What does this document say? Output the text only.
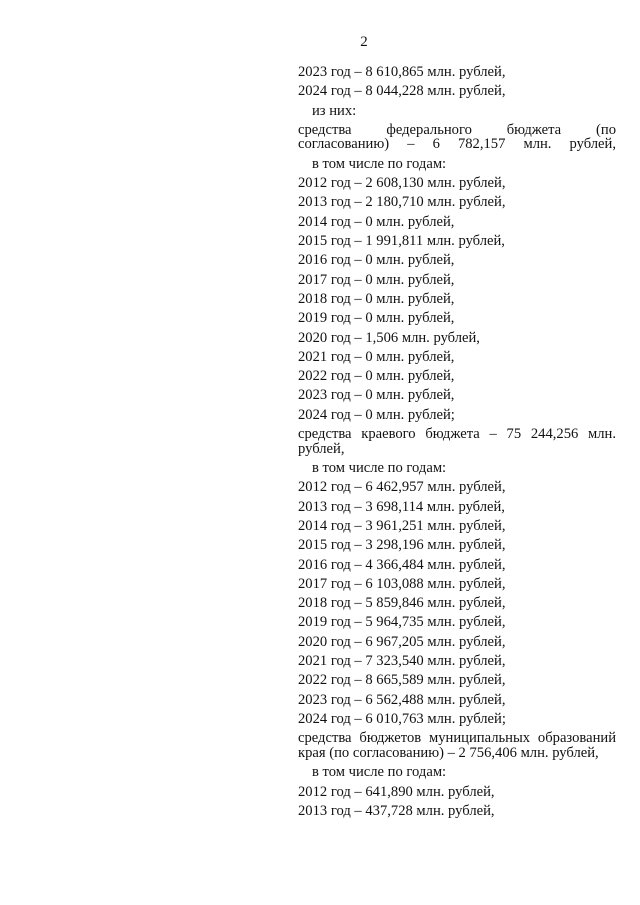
2
2023 год – 8 610,865 млн. рублей,
2024 год – 8 044,228 млн. рублей,
из них:
средства федерального бюджета (по согласованию) – 6 782,157 млн. рублей,
в том числе по годам:
2012 год – 2 608,130 млн. рублей,
2013 год – 2 180,710 млн. рублей,
2014 год – 0 млн. рублей,
2015 год – 1 991,811 млн. рублей,
2016 год – 0 млн. рублей,
2017 год – 0 млн. рублей,
2018 год – 0 млн. рублей,
2019 год – 0 млн. рублей,
2020 год – 1,506 млн. рублей,
2021 год – 0 млн. рублей,
2022 год – 0 млн. рублей,
2023 год – 0 млн. рублей,
2024 год – 0 млн. рублей;
средства краевого бюджета – 75 244,256 млн. рублей,
в том числе по годам:
2012 год – 6 462,957 млн. рублей,
2013 год – 3 698,114 млн. рублей,
2014 год – 3 961,251 млн. рублей,
2015 год – 3 298,196 млн. рублей,
2016 год – 4 366,484 млн. рублей,
2017 год – 6 103,088 млн. рублей,
2018 год – 5 859,846 млн. рублей,
2019 год – 5 964,735 млн. рублей,
2020 год – 6 967,205 млн. рублей,
2021 год – 7 323,540 млн. рублей,
2022 год – 8 665,589 млн. рублей,
2023 год – 6 562,488 млн. рублей,
2024 год – 6 010,763 млн. рублей;
средства бюджетов муниципальных образований края (по согласованию) – 2 756,406 млн. рублей,
в том числе по годам:
2012 год – 641,890 млн. рублей,
2013 год – 437,728 млн. рублей,
